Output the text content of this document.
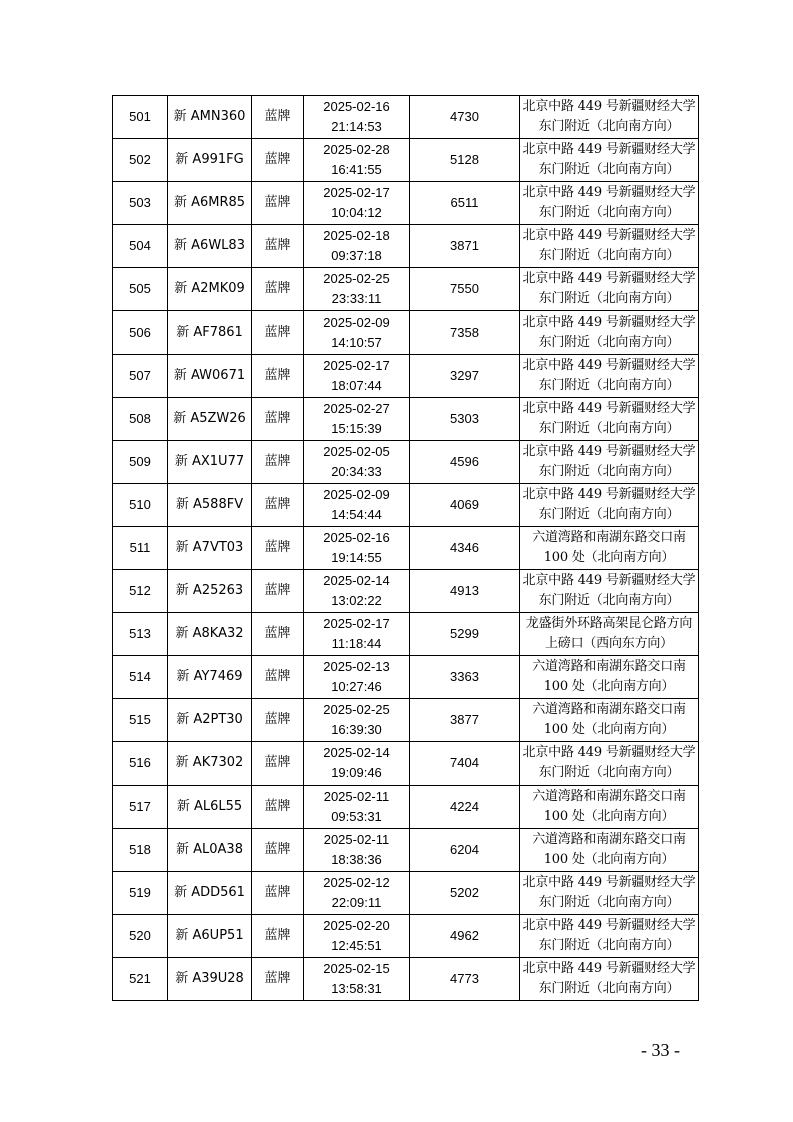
501	新 AMN360	蓝牌	2025-02-16
21:14:53	4730	北京中路 449 号新疆财经大学
东门附近（北向南方向）

502	新 A991FG	蓝牌	2025-02-28
16:41:55	5128	北京中路 449 号新疆财经大学
东门附近（北向南方向）

503	新 A6MR85	蓝牌	2025-02-17
10:04:12	6511	北京中路 449 号新疆财经大学
东门附近（北向南方向）

504	新 A6WL83	蓝牌	2025-02-18
09:37:18	3871	北京中路 449 号新疆财经大学
东门附近（北向南方向）

505	新 A2MK09	蓝牌	2025-02-25
23:33:11	7550	北京中路 449 号新疆财经大学
东门附近（北向南方向）

506	新 AF7861	蓝牌	2025-02-09
14:10:57	7358	北京中路 449 号新疆财经大学
东门附近（北向南方向）

507	新 AW0671	蓝牌	2025-02-17
18:07:44	3297	北京中路 449 号新疆财经大学
东门附近（北向南方向）

508	新 A5ZW26	蓝牌	2025-02-27
15:15:39	5303	北京中路 449 号新疆财经大学
东门附近（北向南方向）

509	新 AX1U77	蓝牌	2025-02-05
20:34:33	4596	北京中路 449 号新疆财经大学
东门附近（北向南方向）

510	新 A588FV	蓝牌	2025-02-09
14:54:44	4069	北京中路 449 号新疆财经大学
东门附近（北向南方向）

511	新 A7VT03	蓝牌	2025-02-16
19:14:55	4346	六道湾路和南湖东路交口南
100 处（北向南方向）

512	新 A25263	蓝牌	2025-02-14
13:02:22	4913	北京中路 449 号新疆财经大学
东门附近（北向南方向）

513	新 A8KA32	蓝牌	2025-02-17
11:18:44	5299	龙盛街外环路高架昆仑路方向
上磅口（西向东方向）

514	新 AY7469	蓝牌	2025-02-13
10:27:46	3363	六道湾路和南湖东路交口南
100 处（北向南方向）

515	新 A2PT30	蓝牌	2025-02-25
16:39:30	3877	六道湾路和南湖东路交口南
100 处（北向南方向）

516	新 AK7302	蓝牌	2025-02-14
19:09:46	7404	北京中路 449 号新疆财经大学
东门附近（北向南方向）

517	新 AL6L55	蓝牌	2025-02-11
09:53:31	4224	六道湾路和南湖东路交口南
100 处（北向南方向）

518	新 AL0A38	蓝牌	2025-02-11
18:38:36	6204	六道湾路和南湖东路交口南
100 处（北向南方向）

519	新 ADD561	蓝牌	2025-02-12
22:09:11	5202	北京中路 449 号新疆财经大学
东门附近（北向南方向）

520	新 A6UP51	蓝牌	2025-02-20
12:45:51	4962	北京中路 449 号新疆财经大学
东门附近（北向南方向）

521	新 A39U28	蓝牌	2025-02-15
13:58:31	4773	北京中路 449 号新疆财经大学
东门附近（北向南方向）
- 33 -
